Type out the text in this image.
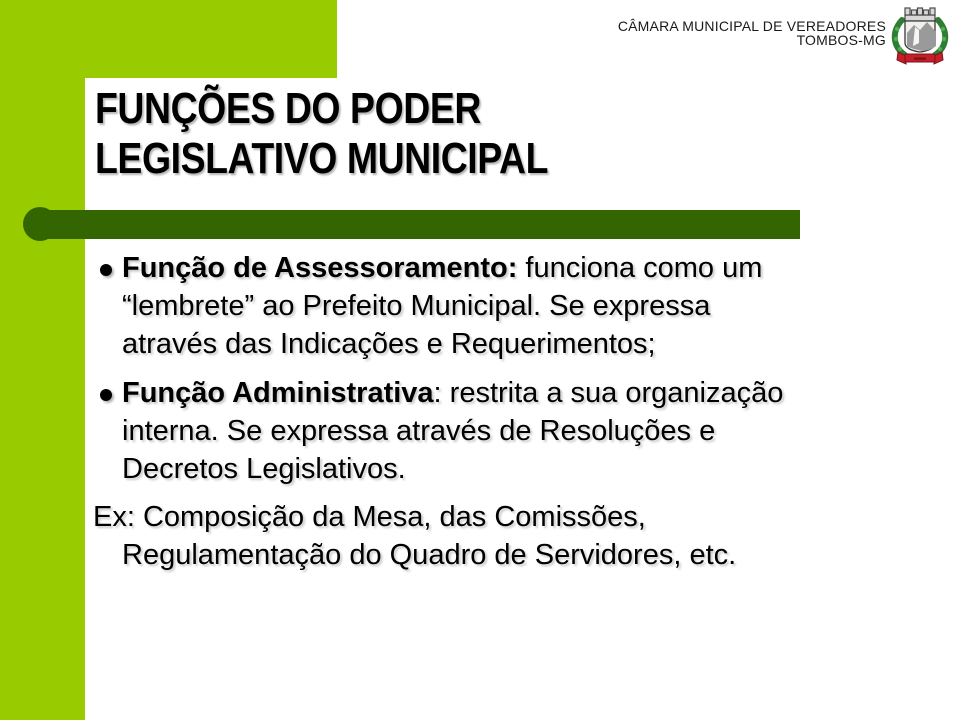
CÂMARA MUNICIPAL DE VEREADORES
TOMBOS-MG
FUNÇÕES DO PODER
LEGISLATIVO MUNICIPAL
Função de Assessoramento: funciona como um
“lembrete” ao Prefeito Municipal. Se expressa
através das Indicações e Requerimentos;
Função Administrativa: restrita a sua organização
interna. Se expressa através de Resoluções e
Decretos Legislativos.
Ex: Composição da Mesa, das Comissões,
Regulamentação do Quadro de Servidores, etc.
